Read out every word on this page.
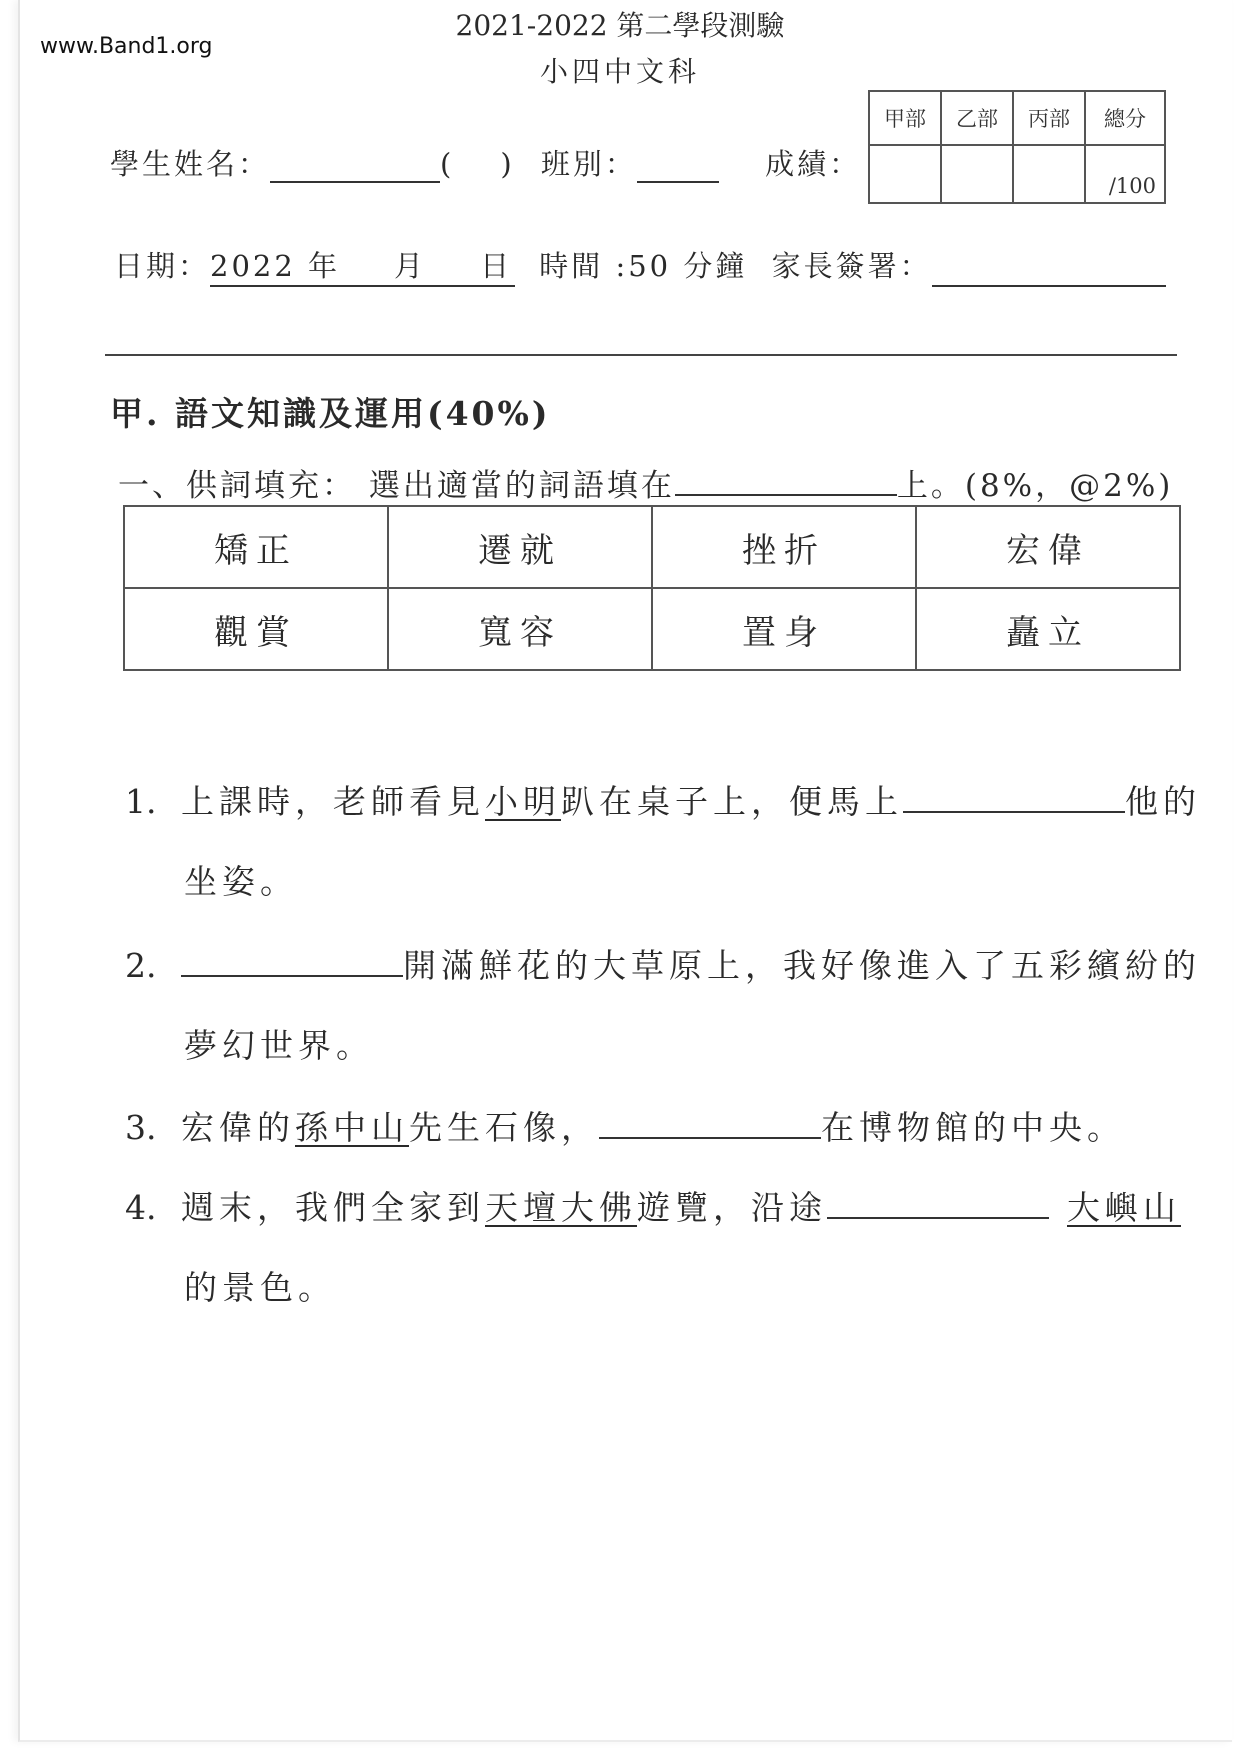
www.Band1.org
2021-2022 第二學段測驗
小四中文科
學生姓名：	( ) 班別：	成績：
甲部	乙部	丙部	總分
			/100
日期：2022 年 月 日 時間 :50 分鐘 家長簽署：
甲. 語文知識及運用(40%)
一、供詞填充： 選出適當的詞語填在	上。(8%，@2%)
矯正	遷就	挫折	宏偉
觀賞	寬容	置身	矗立
1. 上課時，老師看見小明趴在桌子上，便馬上	他的
坐姿。
2.	開滿鮮花的大草原上，我好像進入了五彩繽紛的
夢幻世界。
3. 宏偉的孫中山先生石像，	在博物館的中央。
4. 週末，我們全家到天壇大佛遊覽，沿途	大嶼山
的景色。
